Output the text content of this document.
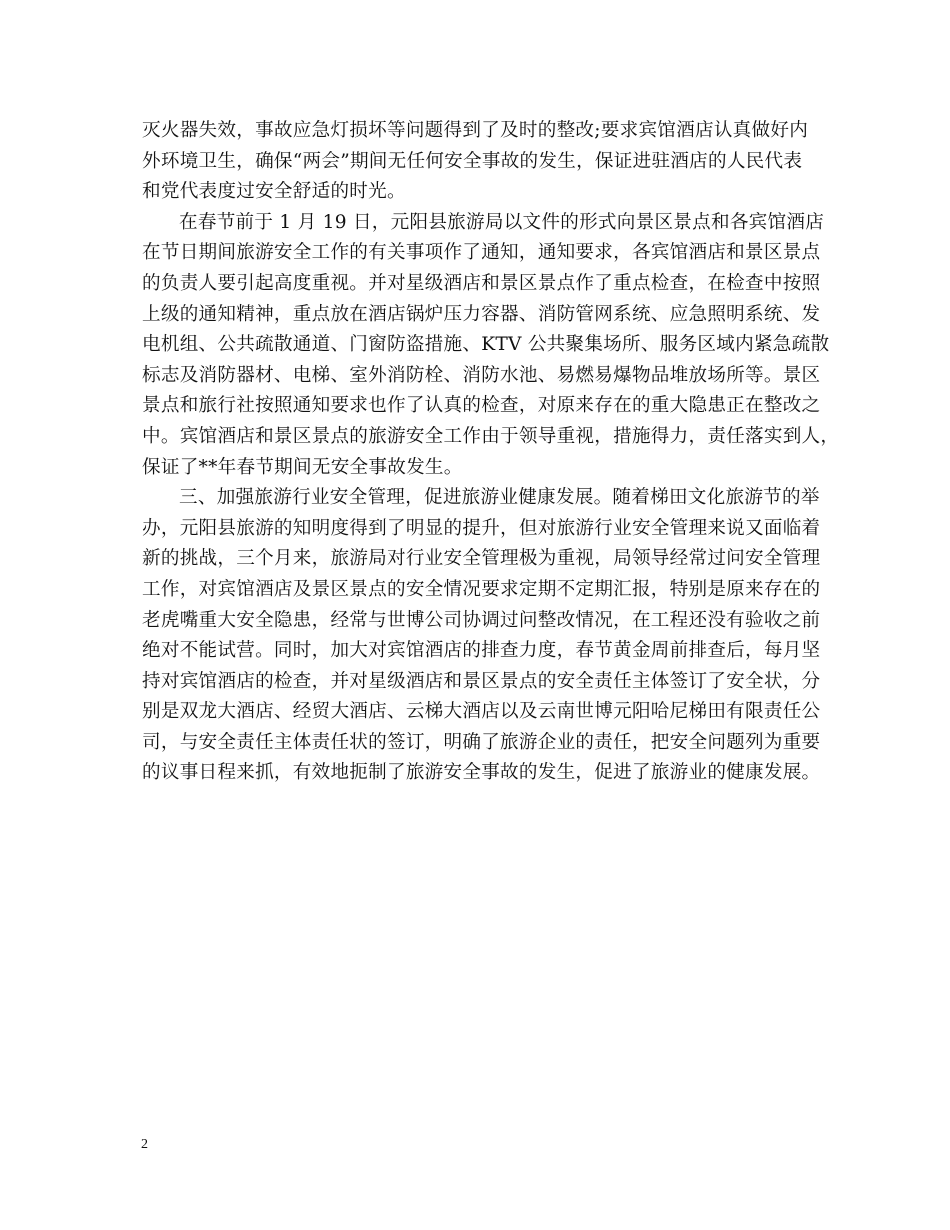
灭火器失效，事故应急灯损坏等问题得到了及时的整改;要求宾馆酒店认真做好内
外环境卫生，确保“两会”期间无任何安全事故的发生，保证进驻酒店的人民代表
和党代表度过安全舒适的时光。
在春节前于 1 月 19 日，元阳县旅游局以文件的形式向景区景点和各宾馆酒店
在节日期间旅游安全工作的有关事项作了通知，通知要求，各宾馆酒店和景区景点
的负责人要引起高度重视。并对星级酒店和景区景点作了重点检查，在检查中按照
上级的通知精神，重点放在酒店锅炉压力容器、消防管网系统、应急照明系统、发
电机组、公共疏散通道、门窗防盗措施、KTV 公共聚集场所、服务区域内紧急疏散
标志及消防器材、电梯、室外消防栓、消防水池、易燃易爆物品堆放场所等。景区
景点和旅行社按照通知要求也作了认真的检查，对原来存在的重大隐患正在整改之
中。宾馆酒店和景区景点的旅游安全工作由于领导重视，措施得力，责任落实到人，
保证了**年春节期间无安全事故发生。
三、加强旅游行业安全管理，促进旅游业健康发展。随着梯田文化旅游节的举
办，元阳县旅游的知明度得到了明显的提升，但对旅游行业安全管理来说又面临着
新的挑战，三个月来，旅游局对行业安全管理极为重视，局领导经常过问安全管理
工作，对宾馆酒店及景区景点的安全情况要求定期不定期汇报，特别是原来存在的
老虎嘴重大安全隐患，经常与世博公司协调过问整改情况，在工程还没有验收之前
绝对不能试营。同时，加大对宾馆酒店的排查力度，春节黄金周前排查后，每月坚
持对宾馆酒店的检查，并对星级酒店和景区景点的安全责任主体签订了安全状，分
别是双龙大酒店、经贸大酒店、云梯大酒店以及云南世博元阳哈尼梯田有限责任公
司，与安全责任主体责任状的签订，明确了旅游企业的责任，把安全问题列为重要
的议事日程来抓，有效地扼制了旅游安全事故的发生，促进了旅游业的健康发展。
2
